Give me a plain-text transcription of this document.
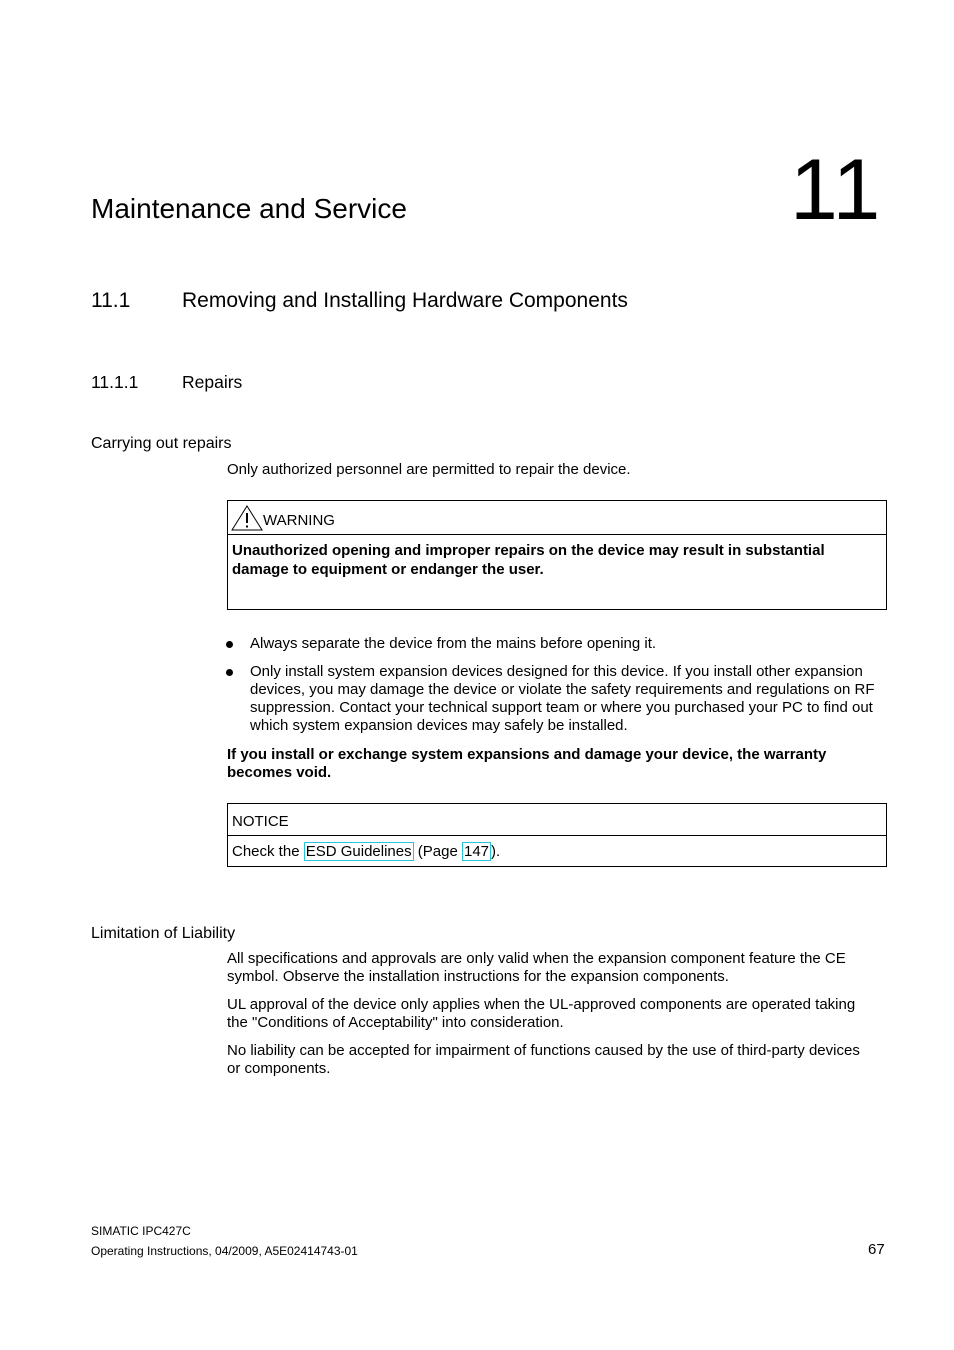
11
Maintenance and Service
11.1 Removing and Installing Hardware Components
11.1.1 Repairs
Carrying out repairs
Only authorized personnel are permitted to repair the device.
WARNING
Unauthorized opening and improper repairs on the device may result in substantial damage to equipment or endanger the user.
Always separate the device from the mains before opening it.
Only install system expansion devices designed for this device. If you install other expansion devices, you may damage the device or violate the safety requirements and regulations on RF suppression. Contact your technical support team or where you purchased your PC to find out which system expansion devices may safely be installed.
If you install or exchange system expansions and damage your device, the warranty becomes void.
NOTICE
Check the ESD Guidelines (Page 147 ).
Limitation of Liability
All specifications and approvals are only valid when the expansion component feature the CE symbol. Observe the installation instructions for the expansion components.
UL approval of the device only applies when the UL-approved components are operated taking the "Conditions of Acceptability" into consideration.
No liability can be accepted for impairment of functions caused by the use of third-party devices or components.
SIMATIC IPC427C
Operating Instructions, 04/2009, A5E02414743-01	67
